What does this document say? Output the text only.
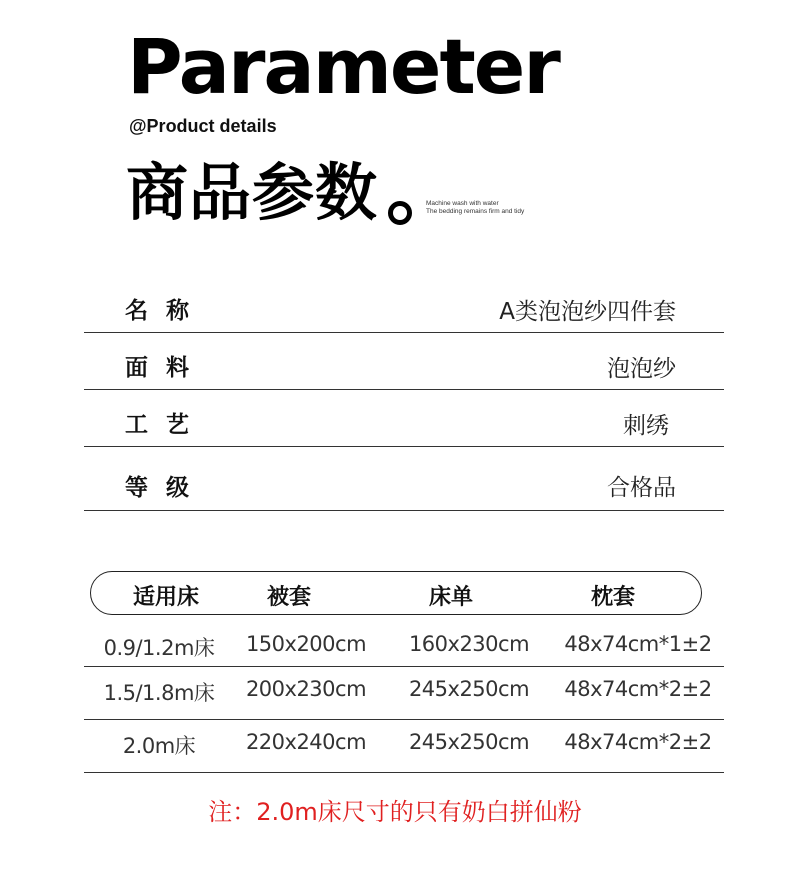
Parameter
@Product details
商品参数	Machine wash with water
The bedding remains firm and tidy
名称	A类泡泡纱四件套
面料	泡泡纱
工艺	刺绣
等级	合格品
适用床	被套	床单	枕套
0.9/1.2m床	150x200cm	160x230cm	48x74cm*1±2
1.5/1.8m床	200x230cm	245x250cm	48x74cm*2±2
2.0m床	220x240cm	245x250cm	48x74cm*2±2
注：2.0m床尺寸的只有奶白拼仙粉
